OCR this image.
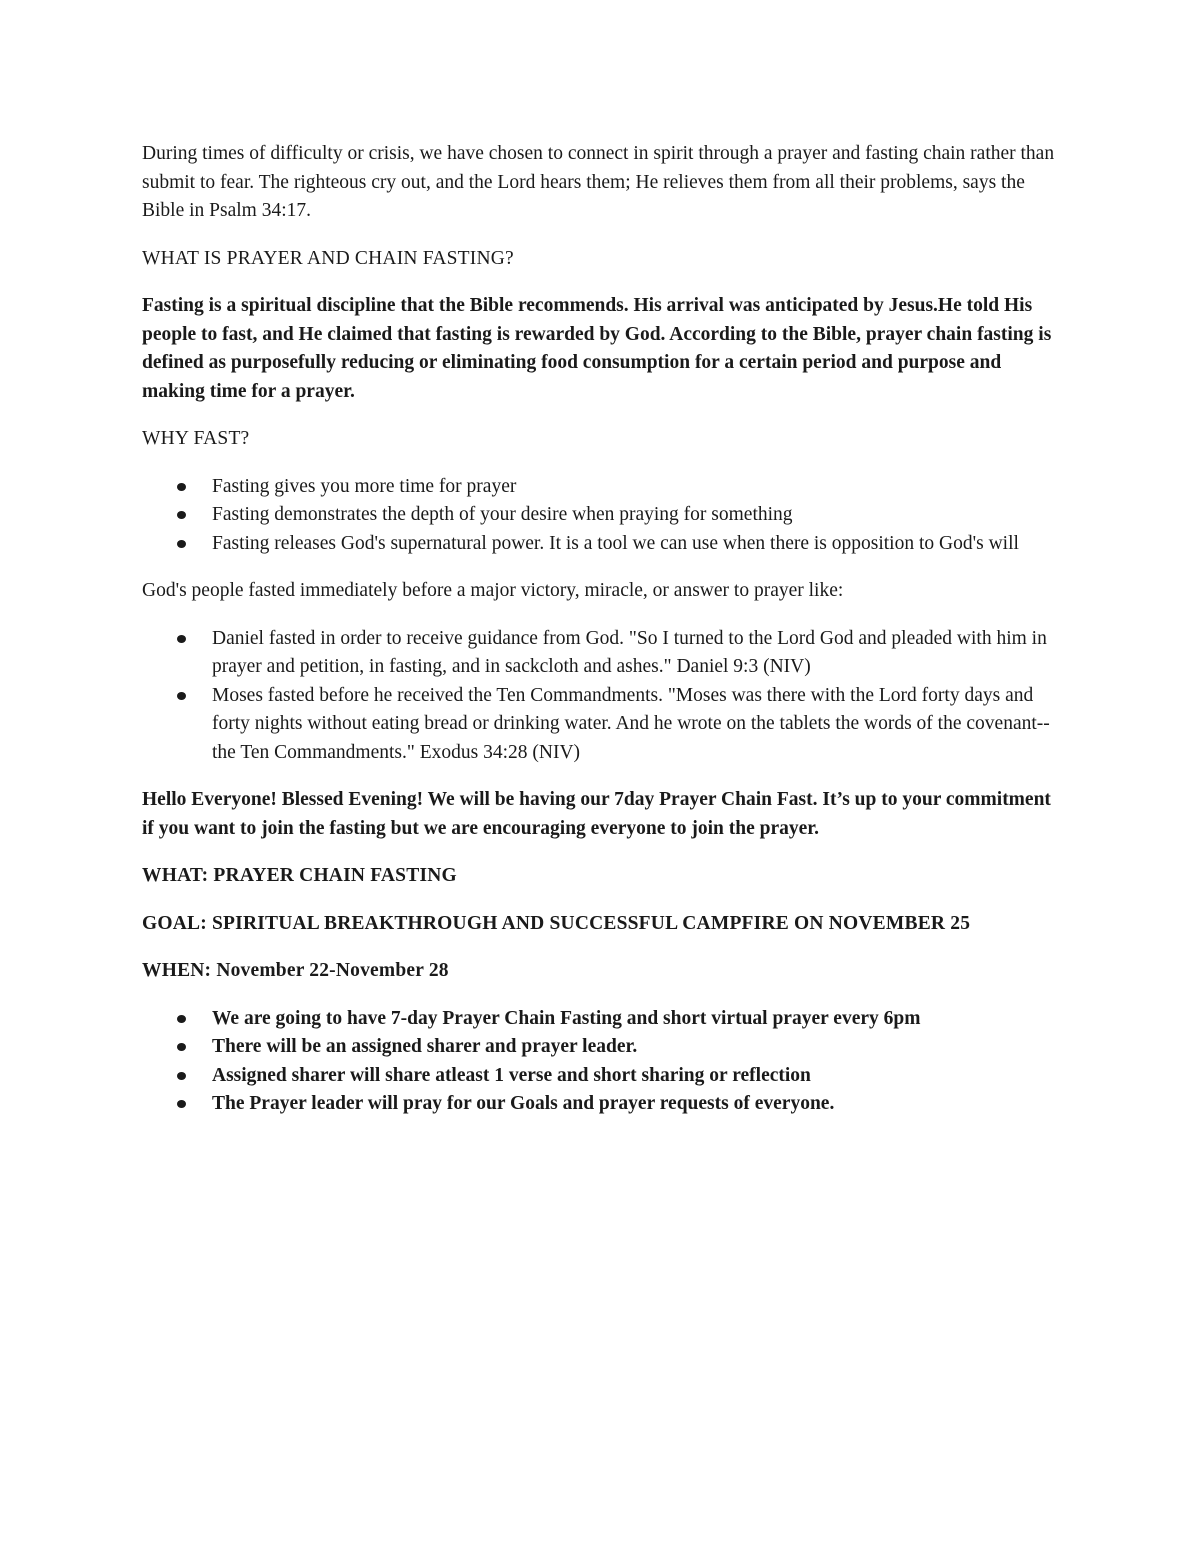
During times of difficulty or crisis, we have chosen to connect in spirit through a prayer and fasting chain rather than submit to fear. The righteous cry out, and the Lord hears them; He relieves them from all their problems, says the Bible in Psalm 34:17.

WHAT IS PRAYER AND CHAIN FASTING?

Fasting is a spiritual discipline that the Bible recommends. His arrival was anticipated by Jesus.He told His people to fast, and He claimed that fasting is rewarded by God. According to the Bible, prayer chain fasting is defined as purposefully reducing or eliminating food consumption for a certain period and purpose and making time for a prayer.

WHY FAST?

Fasting gives you more time for prayer
Fasting demonstrates the depth of your desire when praying for something
Fasting releases God's supernatural power. It is a tool we can use when there is opposition to God's will

God's people fasted immediately before a major victory, miracle, or answer to prayer like:

Daniel fasted in order to receive guidance from God. "So I turned to the Lord God and pleaded with him in prayer and petition, in fasting, and in sackcloth and ashes." Daniel 9:3 (NIV)
Moses fasted before he received the Ten Commandments. "Moses was there with the Lord forty days and forty nights without eating bread or drinking water. And he wrote on the tablets the words of the covenant--the Ten Commandments." Exodus 34:28 (NIV)

Hello Everyone! Blessed Evening! We will be having our 7day Prayer Chain Fast. It’s up to your commitment if you want to join the fasting but we are encouraging everyone to join the prayer.

WHAT: PRAYER CHAIN FASTING

GOAL: SPIRITUAL BREAKTHROUGH AND SUCCESSFUL CAMPFIRE ON NOVEMBER 25

WHEN: November 22-November 28

We are going to have 7-day Prayer Chain Fasting and short virtual prayer every 6pm
There will be an assigned sharer and prayer leader.
Assigned sharer will share atleast 1 verse and short sharing or reflection
The Prayer leader will pray for our Goals and prayer requests of everyone.
